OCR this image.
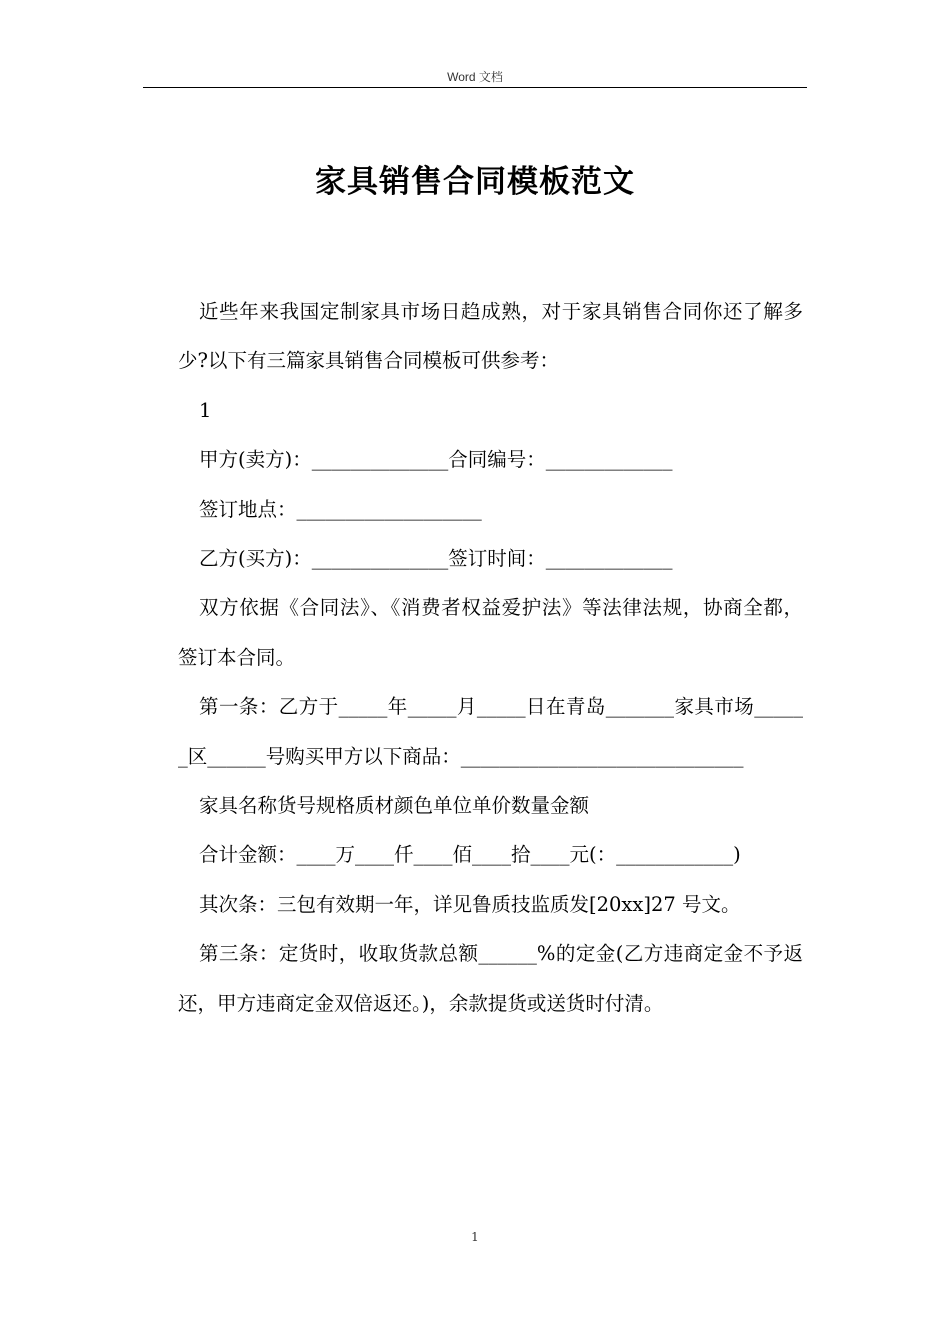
Word 文档
家具销售合同模板范文

近些年来我国定制家具市场日趋成熟，对于家具销售合同你还了解多少?以下有三篇家具销售合同模板可供参考：

1

甲方(卖方)：______________合同编号：_____________

签订地点：___________________

乙方(买方)：______________签订时间：_____________

双方依据《合同法》、《消费者权益爱护法》等法律法规，协商全都，签订本合同。

第一条：乙方于_____年_____月_____日在青岛_______家具市场______区______号购买甲方以下商品：_____________________________

家具名称货号规格质材颜色单位单价数量金额

合计金额：____万____仟____佰____拾____元(：____________)

其次条：三包有效期一年，详见鲁质技监质发[20xx]27 号文。

第三条：定货时，收取货款总额______%的定金(乙方违商定金不予返还，甲方违商定金双倍返还。)，余款提货或送货时付清。

1
